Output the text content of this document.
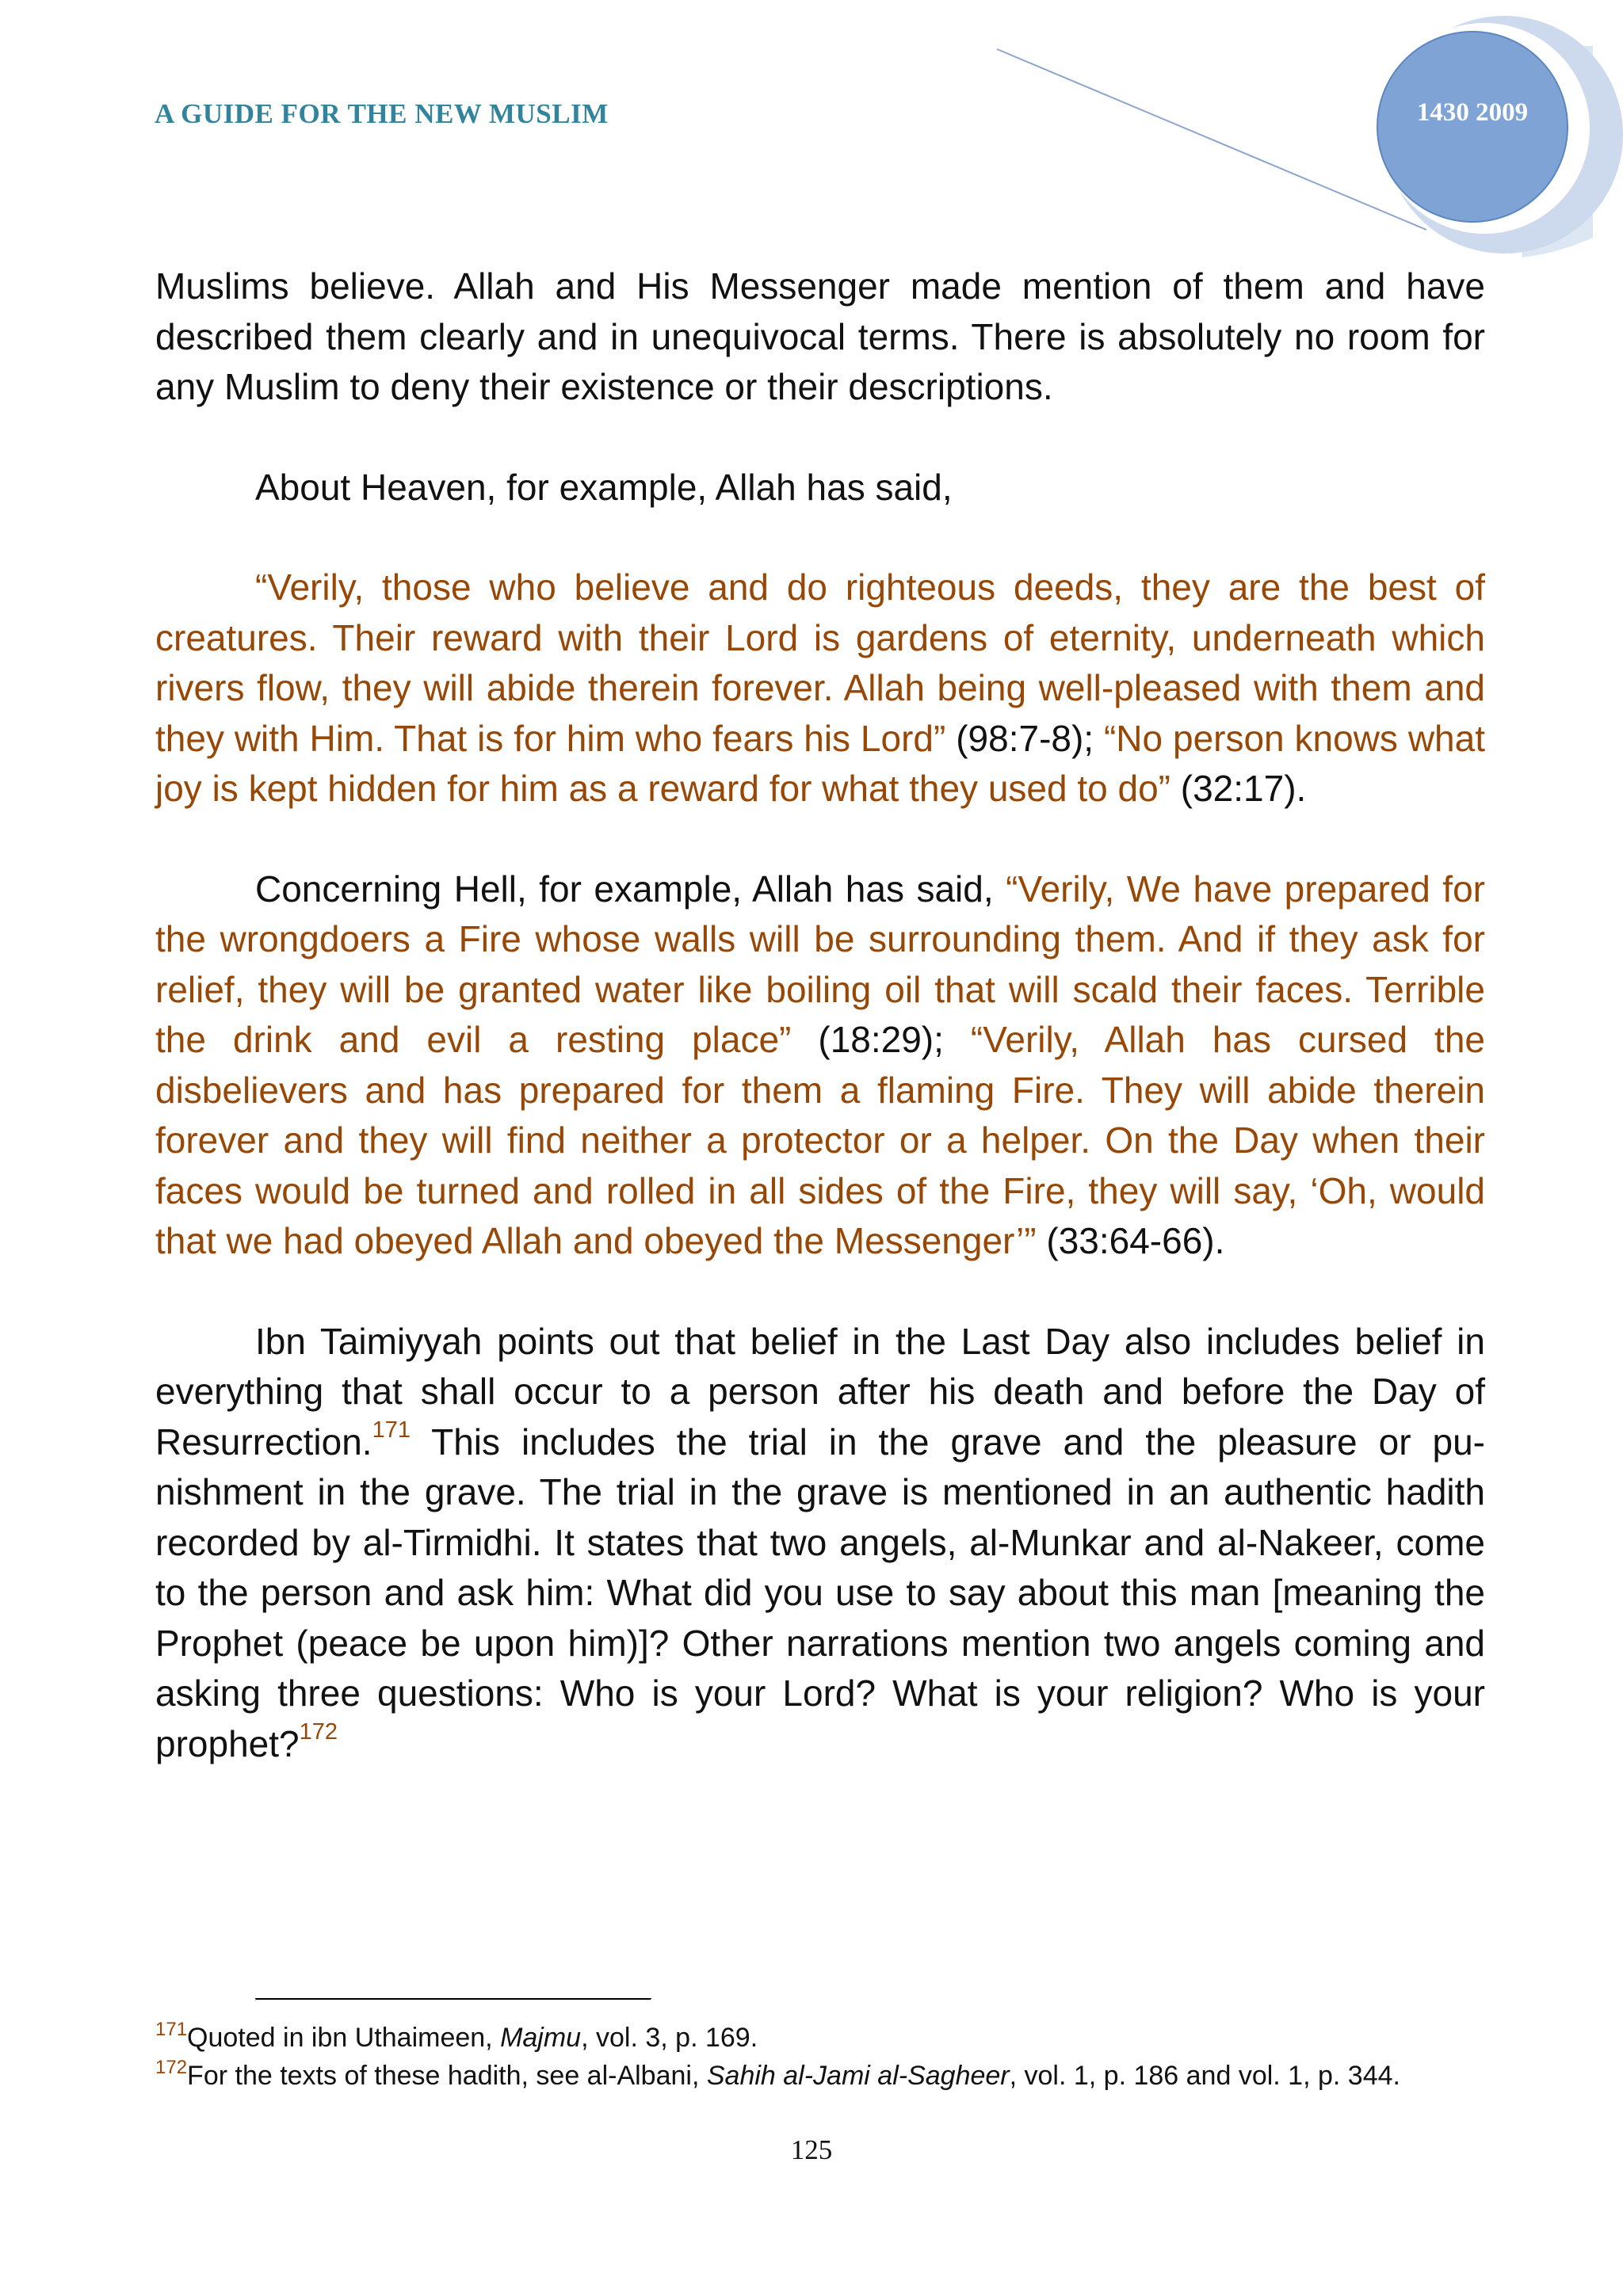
A GUIDE FOR THE NEW MUSLIM	1430 2009

Muslims believe. Allah and His Messenger made mention of them and have described them clearly and in unequivocal terms. There is absolutely no room for any Muslim to deny their existence or their descriptions.

About Heaven, for example, Allah has said,

“Verily, those who believe and do righteous deeds, they are the best of creatures. Their reward with their Lord is gardens of eternity, underneath which rivers flow, they will abide therein forever. Allah being well-pleased with them and they with Him. That is for him who fears his Lord” (98:7-8); “No person knows what joy is kept hidden for him as a reward for what they used to do” (32:17).

Concerning Hell, for example, Allah has said, “Verily, We have prepared for the wrongdoers a Fire whose walls will be surrounding them. And if they ask for relief, they will be granted water like boiling oil that will scald their faces. Terrible the drink and evil a resting place” (18:29); “Verily, Allah has cursed the disbelievers and has prepared for them a flaming Fire. They will abide therein forever and they will find neither a protector or a helper. On the Day when their faces would be turned and rolled in all sides of the Fire, they will say, ‘Oh, would that we had obeyed Allah and obeyed the Messenger’” (33:64-66).

Ibn Taimiyyah points out that belief in the Last Day also includes belief in everything that shall occur to a person after his death and before the Day of Resurrection.$^{171}$ This includes the trial in the grave and the pleasure or punishment in the grave. The trial in the grave is mentioned in an authentic hadith recorded by al-Tirmidhi. It states that two angels, al-Munkar and al-Nakeer, come to the person and ask him: What did you use to say about this man [meaning the Prophet (peace be upon him)]? Other narrations mention two angels coming and asking three questions: Who is your Lord? What is your religion? Who is your prophet?$^{172}$

$^{171}$Quoted in ibn Uthaimeen, Majmu, vol. 3, p. 169.

$^{172}$For the texts of these hadith, see al-Albani, Sahih al-Jami al-Sagheer, vol. 1, p. 186 and vol. 1, p. 344.

125
